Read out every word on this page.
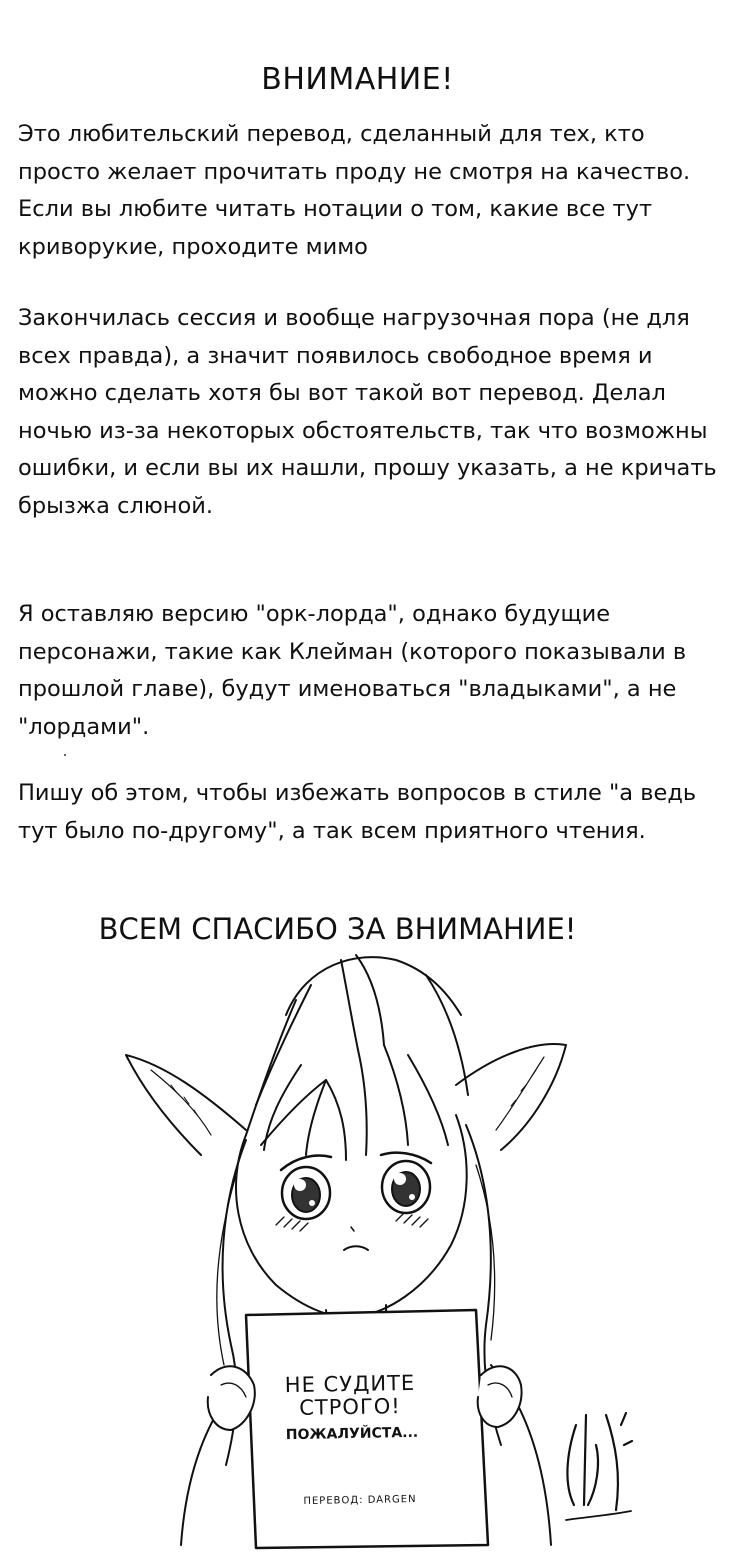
ВНИМАНИЕ!

Это любительский перевод, сделанный для тех, кто просто желает прочитать проду не смотря на качество. Если вы любите читать нотации о том, какие все тут криворукие, проходите мимо

Закончилась сессия и вообще нагрузочная пора (не для всех правда), а значит появилось свободное время и можно сделать хотя бы вот такой вот перевод. Делал ночью из-за некоторых обстоятельств, так что возможны ошибки, и если вы их нашли, прошу указать, а не кричать брызжа слюной.

Я оставляю версию "орк-лорда", однако будущие персонажи, такие как Клейман (которого показывали в прошлой главе), будут именоваться "владыками", а не "лордами".

Пишу об этом, чтобы избежать вопросов в стиле "а ведь тут было по-другому", а так всем приятного чтения.

ВСЕМ СПАСИБО ЗА ВНИМАНИЕ!
НЕ СУДИТЕ
СТРОГО!
ПОЖАЛУЙСТА...
ПЕРЕВОД: DARGEN
